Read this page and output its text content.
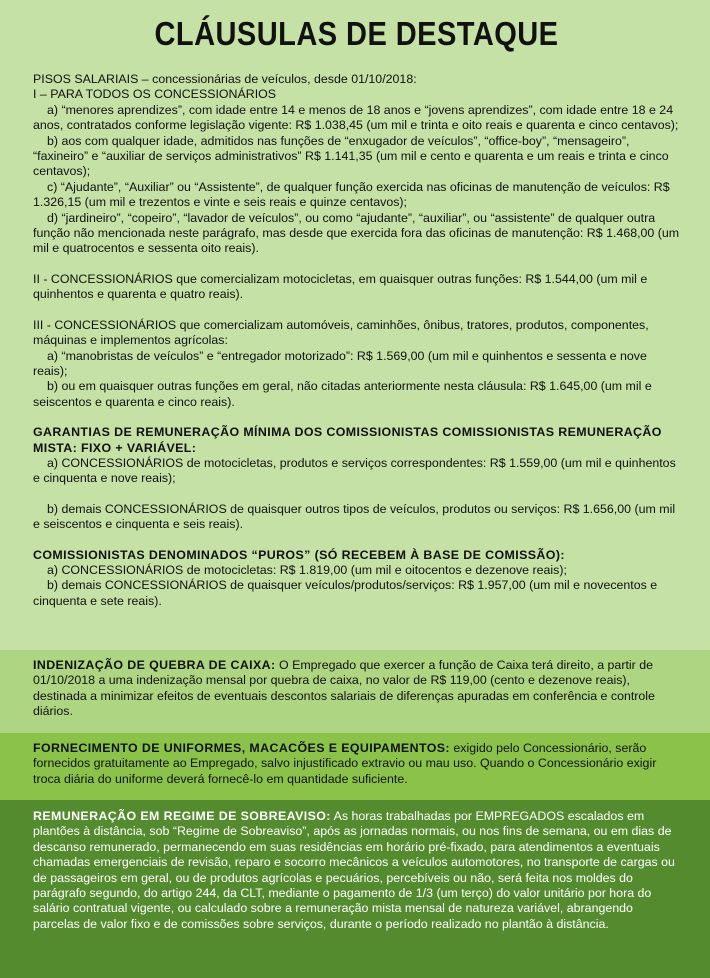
CLÁUSULAS DE DESTAQUE

PISOS SALARIAIS – concessionárias de veículos, desde 01/10/2018:

I – PARA TODOS OS CONCESSIONÁRIOS

a) “menores aprendizes”, com idade entre 14 e menos de 18 anos e “jovens aprendizes”, com idade entre 18 e 24 anos, contratados conforme legislação vigente: R$ 1.038,45 (um mil e trinta e oito reais e quarenta e cinco centavos);

b) aos com qualquer idade, admitidos nas funções de “enxugador de veículos”, “office-boy”, “mensageiro”, “faxineiro” e “auxiliar de serviços administrativos” R$ 1.141,35 (um mil e cento e quarenta e um reais e trinta e cinco centavos);

c) “Ajudante”, “Auxiliar” ou “Assistente”, de qualquer função exercida nas oficinas de manutenção de veículos: R$ 1.326,15 (um mil e trezentos e vinte e seis reais e quinze centavos);

d) “jardineiro”, “copeiro”, “lavador de veículos”, ou como “ajudante”, “auxiliar”, ou “assistente” de qualquer outra função não mencionada neste parágrafo, mas desde que exercida fora das oficinas de manutenção: R$ 1.468,00 (um mil e quatrocentos e sessenta oito reais).

II - CONCESSIONÁRIOS que comercializam motocicletas, em quaisquer outras funções: R$ 1.544,00 (um mil e quinhentos e quarenta e quatro reais).

III - CONCESSIONÁRIOS que comercializam automóveis, caminhões, ônibus, tratores, produtos, componentes, máquinas e implementos agrícolas:

a) “manobristas de veículos” e “entregador motorizado”: R$ 1.569,00 (um mil e quinhentos e sessenta e nove reais);

b) ou em quaisquer outras funções em geral, não citadas anteriormente nesta cláusula: R$ 1.645,00 (um mil e seiscentos e quarenta e cinco reais).

GARANTIAS DE REMUNERAÇÃO MÍNIMA DOS COMISSIONISTAS COMISSIONISTAS REMUNERAÇÃO MISTA: FIXO + VARIÁVEL:

a) CONCESSIONÁRIOS de motocicletas, produtos e serviços correspondentes: R$ 1.559,00 (um mil e quinhentos e cinquenta e nove reais);

b) demais CONCESSIONÁRIOS de quaisquer outros tipos de veículos, produtos ou serviços: R$ 1.656,00 (um mil e seiscentos e cinquenta e seis reais).

COMISSIONISTAS DENOMINADOS “PUROS” (SÓ RECEBEM À BASE DE COMISSÃO):

a) CONCESSIONÁRIOS de motocicletas: R$ 1.819,00 (um mil e oitocentos e dezenove reais);

b) demais CONCESSIONÁRIOS de quaisquer veículos/produtos/serviços: R$ 1.957,00 (um mil e novecentos e cinquenta e sete reais).

INDENIZAÇÃO DE QUEBRA DE CAIXA: O Empregado que exercer a função de Caixa terá direito, a partir de 01/10/2018 a uma indenização mensal por quebra de caixa, no valor de R$ 119,00 (cento e dezenove reais), destinada a minimizar efeitos de eventuais descontos salariais de diferenças apuradas em conferência e controle diários.

FORNECIMENTO DE UNIFORMES, MACACÕES E EQUIPAMENTOS: exigido pelo Concessionário, serão fornecidos gratuitamente ao Empregado, salvo injustificado extravio ou mau uso. Quando o Concessionário exigir troca diária do uniforme deverá fornecê-lo em quantidade suficiente.

REMUNERAÇÃO EM REGIME DE SOBREAVISO: As horas trabalhadas por EMPREGADOS escalados em plantões à distância, sob “Regime de Sobreaviso”, após as jornadas normais, ou nos fins de semana, ou em dias de descanso remunerado, permanecendo em suas residências em horário pré-fixado, para atendimentos a eventuais chamadas emergenciais de revisão, reparo e socorro mecânicos a veículos automotores, no transporte de cargas ou de passageiros em geral, ou de produtos agrícolas e pecuários, percebíveis ou não, será feita nos moldes do parágrafo segundo, do artigo 244, da CLT, mediante o pagamento de 1/3 (um terço) do valor unitário por hora do salário contratual vigente, ou calculado sobre a remuneração mista mensal de natureza variável, abrangendo parcelas de valor fixo e de comissões sobre serviços, durante o período realizado no plantão à distância.
